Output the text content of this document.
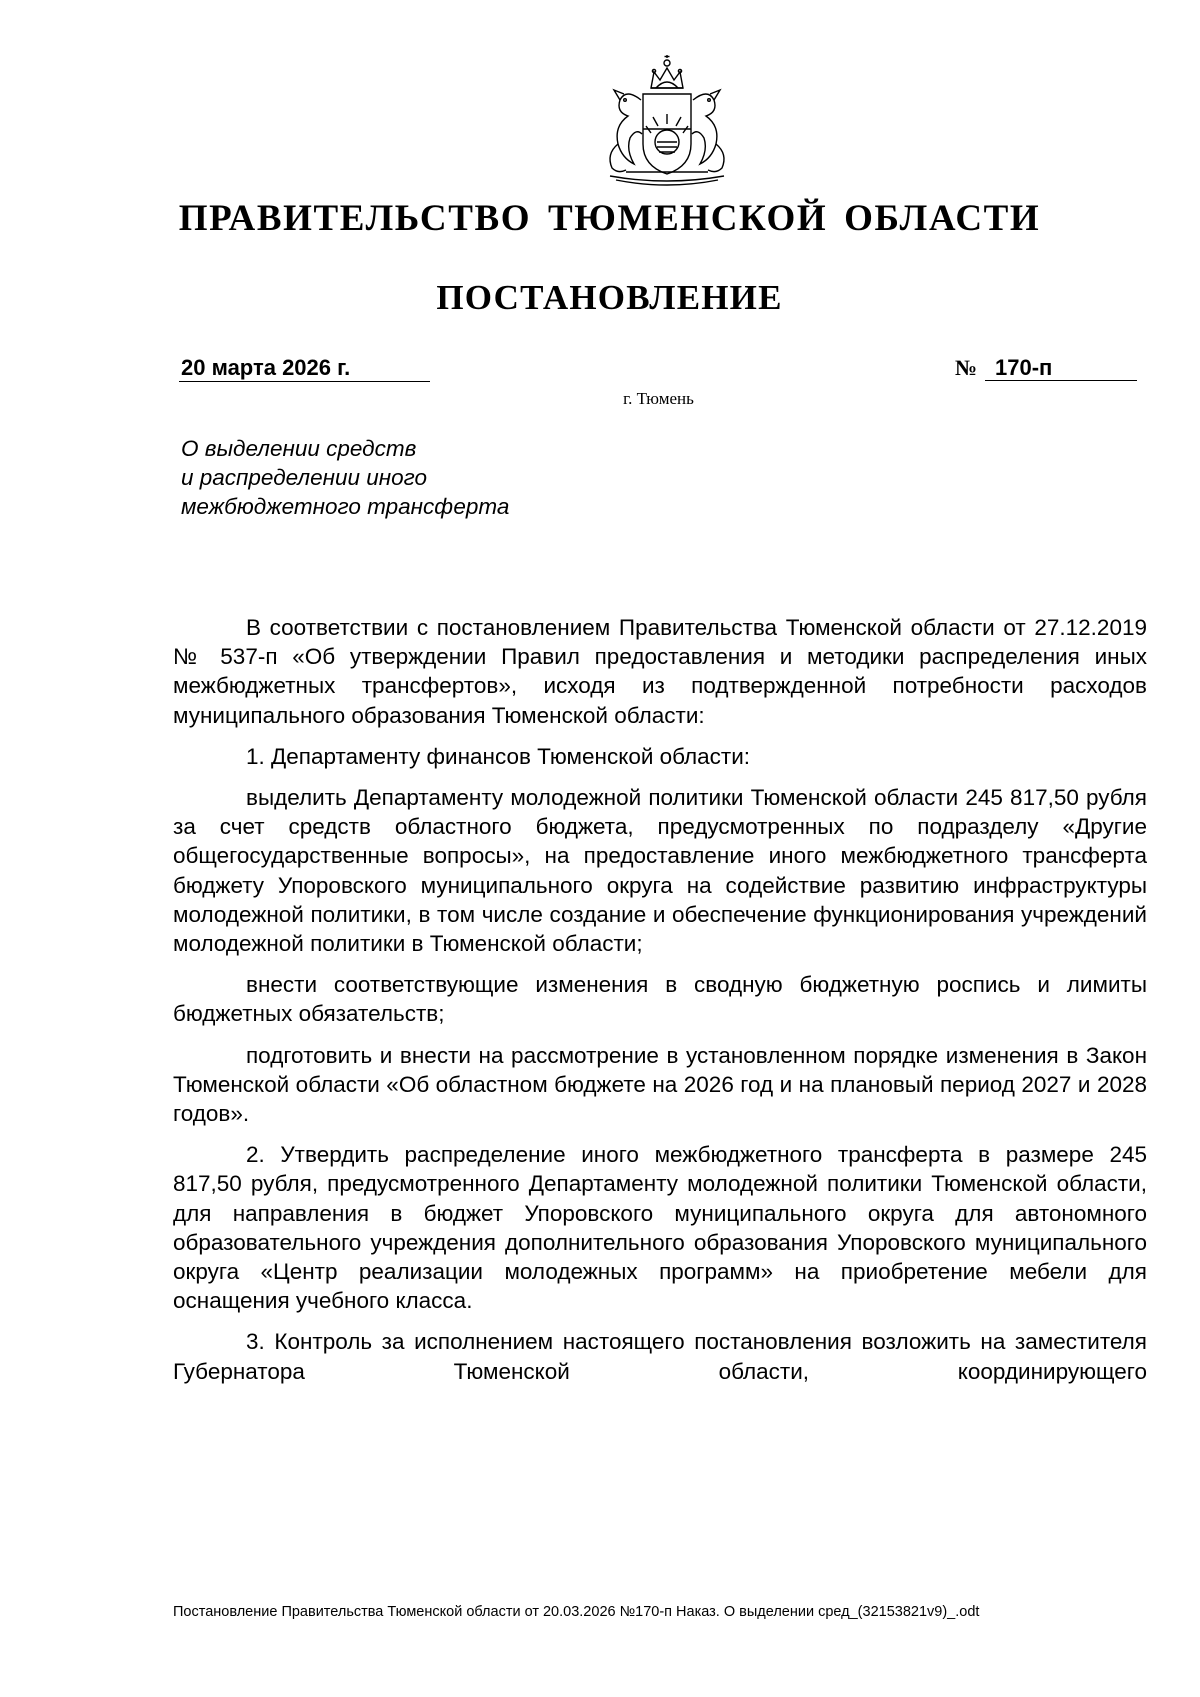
ПРАВИТЕЛЬСТВО ТЮМЕНСКОЙ ОБЛАСТИ
ПОСТАНОВЛЕНИЕ
20 марта 2026 г.	№ 170-п
г. Тюмень
О выделении средств
и распределении иного
межбюджетного трансферта

В соответствии с постановлением Правительства Тюменской области от 27.12.2019 № 537-п «Об утверждении Правил предоставления и методики распределения иных межбюджетных трансфертов», исходя из подтвержденной потребности расходов муниципального образования Тюменской области:

1. Департаменту финансов Тюменской области:

выделить Департаменту молодежной политики Тюменской области 245 817,50 рубля за счет средств областного бюджета, предусмотренных по подразделу «Другие общегосударственные вопросы», на предоставление иного межбюджетного трансферта бюджету Упоровского муниципального округа на содействие развитию инфраструктуры молодежной политики, в том числе создание и обеспечение функционирования учреждений молодежной политики в Тюменской области;

внести соответствующие изменения в сводную бюджетную роспись и лимиты бюджетных обязательств;

подготовить и внести на рассмотрение в установленном порядке изменения в Закон Тюменской области «Об областном бюджете на 2026 год и на плановый период 2027 и 2028 годов».

2. Утвердить распределение иного межбюджетного трансферта в размере 245 817,50 рубля, предусмотренного Департаменту молодежной политики Тюменской области, для направления в бюджет Упоровского муниципального округа для автономного образовательного учреждения дополнительного образования Упоровского муниципального округа «Центр реализации молодежных программ» на приобретение мебели для оснащения учебного класса.

3. Контроль за исполнением настоящего постановления возложить на заместителя Губернатора Тюменской области, координирующего

Постановление Правительства Тюменской области от 20.03.2026 №170-п Наказ. О выделении сред_(32153821v9)_.odt
